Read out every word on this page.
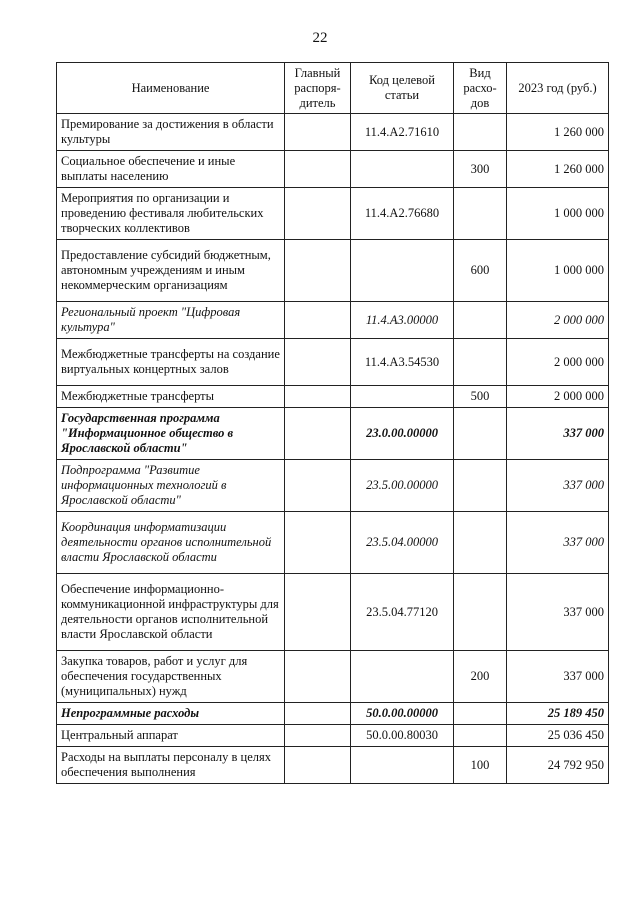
22
Наименование	Главный распоря-дитель	Код целевой статьи	Вид расхо-дов	2023 год (руб.)
Премирование за достижения в области культуры		11.4.А2.71610		1 260 000
Социальное обеспечение и иные выплаты населению			300	1 260 000
Мероприятия по организации и проведению фестиваля любительских творческих коллективов		11.4.А2.76680		1 000 000
Предоставление субсидий бюджетным, автономным учреждениям и иным некоммерческим организациям			600	1 000 000
Региональный проект "Цифровая культура"		11.4.А3.00000		2 000 000
Межбюджетные трансферты на создание виртуальных концертных залов		11.4.А3.54530		2 000 000
Межбюджетные трансферты			500	2 000 000
Государственная программа "Информационное общество в Ярославской области"		23.0.00.00000		337 000
Подпрограмма "Развитие информационных технологий в Ярославской области"		23.5.00.00000		337 000
Координация информатизации деятельности органов исполнительной власти Ярославской области		23.5.04.00000		337 000
Обеспечение информационно-коммуникационной инфраструктуры для деятельности органов исполнительной власти Ярославской области		23.5.04.77120		337 000
Закупка товаров, работ и услуг для обеспечения государственных (муниципальных) нужд			200	337 000
Непрограммные расходы		50.0.00.00000		25 189 450
Центральный аппарат		50.0.00.80030		25 036 450
Расходы на выплаты персоналу в целях обеспечения выполнения			100	24 792 950
